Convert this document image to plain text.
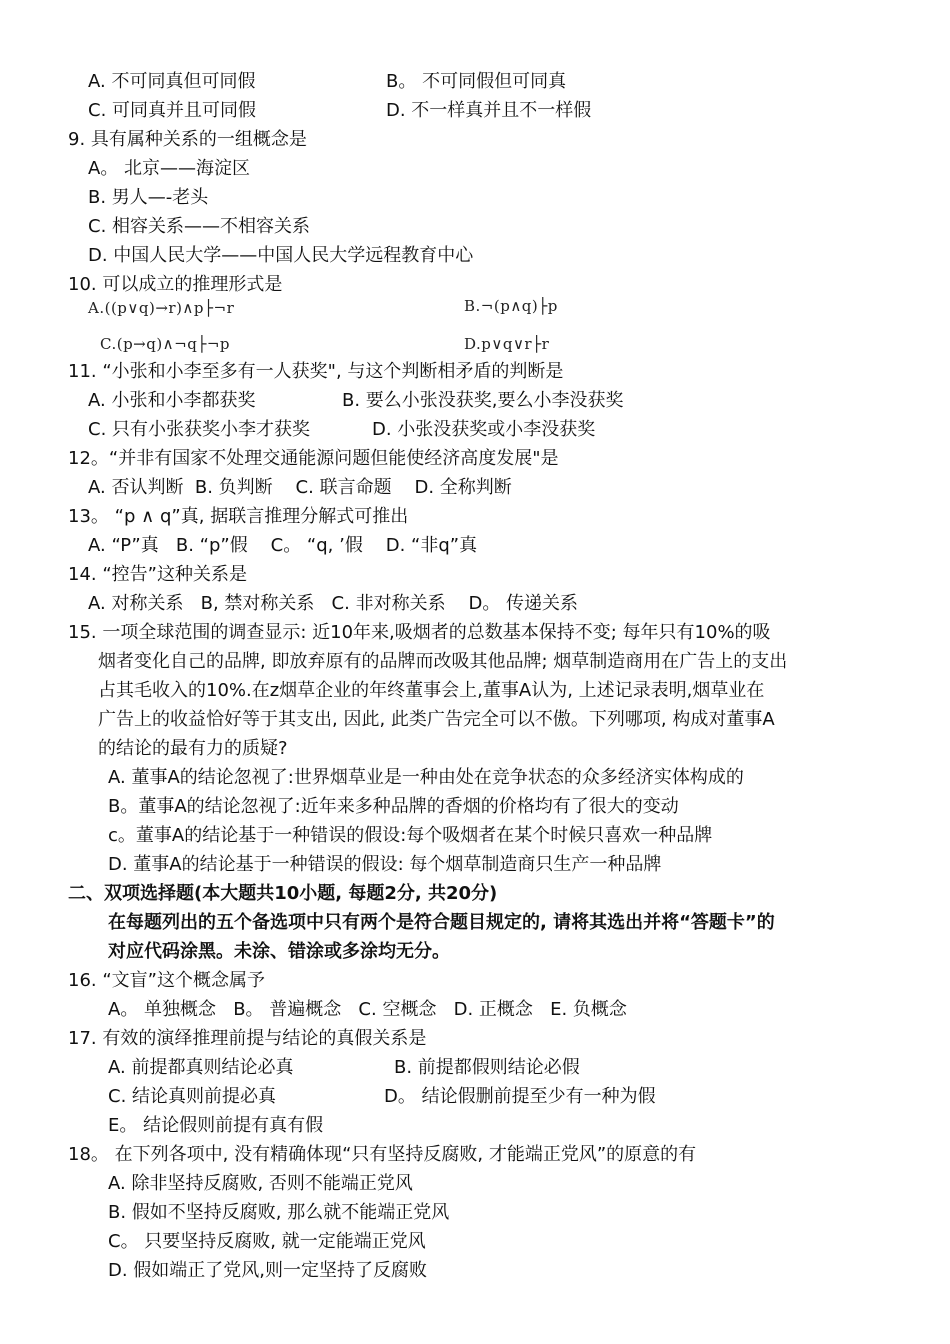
A. 不可同真但可同假	B。 不可同假但可同真
C. 可同真并且可同假	D. 不一样真并且不一样假
9. 具有属种关系的一组概念是
A。 北京——海淀区
B. 男人—-老头
C. 相容关系——不相容关系
D. 中国人民大学——中国人民大学远程教育中心
10. 可以成立的推理形式是
A.((p∨q)→r)∧p├¬r	B.¬(p∧q)├p
C.(p→q)∧¬q├¬p	D.p∨q∨r├r
11. “小张和小李至多有一人获奖", 与这个判断相矛盾的判断是
A. 小张和小李都获奖	B. 要么小张没获奖,要么小李没获奖
C. 只有小张获奖小李才获奖	D. 小张没获奖或小李没获奖
12。“并非有国家不处理交通能源问题但能使经济高度发展"是
A. 否认判断  B. 负判断    C. 联言命题    D. 全称判断
13。 “p ∧ q”真, 据联言推理分解式可推出
A. “P”真   B. “p”假    C。 “q, ’假    D. “非q”真
14. “控告”这种关系是
A. 对称关系   B, 禁对称关系   C. 非对称关系    D。 传递关系
15. 一项全球范围的调查显示: 近10年来,吸烟者的总数基本保持不变; 每年只有10%的吸
烟者变化自己的品牌, 即放弃原有的品牌而改吸其他品牌; 烟草制造商用在广告上的支出
占其毛收入的10%.在z烟草企业的年终董事会上,董事A认为, 上述记录表明,烟草业在
广告上的收益恰好等于其支出, 因此, 此类广告完全可以不傲。下列哪项, 构成对董事A
的结论的最有力的质疑?
A. 董事A的结论忽视了:世界烟草业是一种由处在竞争状态的众多经济实体构成的
B。董事A的结论忽视了:近年来多种品牌的香烟的价格均有了很大的变动
c。董事A的结论基于一种错误的假设:每个吸烟者在某个时候只喜欢一种品牌
D. 董事A的结论基于一种错误的假设: 每个烟草制造商只生产一种品牌
二、双项选择题(本大题共10小题, 每题2分, 共20分)
在每题列出的五个备选项中只有两个是符合题目规定的, 请将其选出并将“答题卡”的
对应代码涂黑。未涂、错涂或多涂均无分。
16. “文盲”这个概念属予
A。 单独概念   B。 普遍概念   C. 空概念   D. 正概念   E. 负概念
17. 有效的演绎推理前提与结论的真假关系是
A. 前提都真则结论必真	B. 前提都假则结论必假
C. 结论真则前提必真	D。 结论假删前提至少有一种为假
E。 结论假则前提有真有假
18。 在下列各项中, 没有精确体现“只有坚持反腐败, 才能端正党风”的原意的有
A. 除非坚持反腐败, 否则不能端正党风
B. 假如不坚持反腐败, 那么就不能端正党风
C。 只要坚持反腐败, 就一定能端正党风
D. 假如端正了党风,则一定坚持了反腐败
